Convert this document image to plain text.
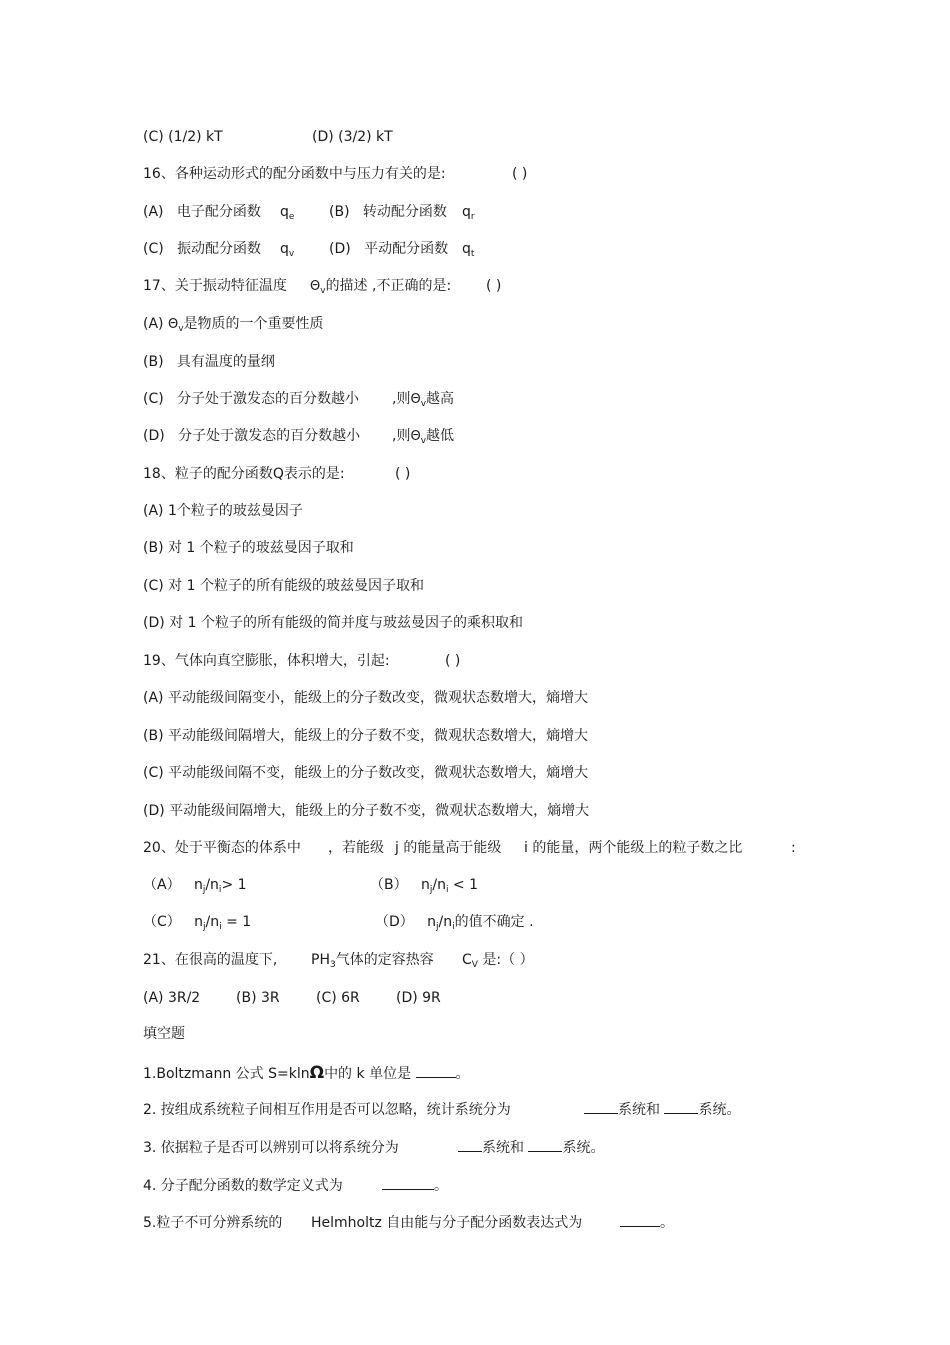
(C) (1/2) kT	(D) (3/2) kT
16、各种运动形式的配分函数中与压力有关的是:	( )
(A) 电子配分函数 $q_e$ (B) 转动配分函数 $q_r$
(C) 振动配分函数 $q_v$ (D) 平动配分函数 $q_t$
17、关于振动特征温度 $\Theta_v$的描述 ,不正确的是: ( )
(A) $\Theta_v$是物质的一个重要性质
(B) 具有温度的量纲
(C) 分子处于激发态的百分数越小 ,则$\Theta_v$越高
(D) 分子处于激发态的百分数越小 ,则$\Theta_v$越低
18、粒子的配分函数Q表示的是:	( )
(A) 1个粒子的玻兹曼因子
(B) 对 1 个粒子的玻兹曼因子取和
(C) 对 1 个粒子的所有能级的玻兹曼因子取和
(D) 对 1 个粒子的所有能级的简并度与玻兹曼因子的乘积取和
19、气体向真空膨胀，体积增大，引起:	( )
(A) 平动能级间隔变小，能级上的分子数改变，微观状态数增大，熵增大
(B) 平动能级间隔增大，能级上的分子数不变，微观状态数增大，熵增大
(C) 平动能级间隔不变，能级上的分子数改变，微观状态数增大，熵增大
(D) 平动能级间隔增大，能级上的分子数不变，微观状态数增大，熵增大
20、处于平衡态的体系中 ，若能级 j 的能量高于能级 i 的能量，两个能级上的粒子数之比	:
（A） $n_j/n_i> 1$	（B） $n_j/n_i < 1$
（C） $n_j/n_i = 1$	（D） $n_j/n_i$的值不确定 .
21、在很高的温度下, $PH_3$气体的定容热容 $C_V$ 是:（ ）
(A) 3R/2	(B) 3R	(C) 6R	(D) 9R
填空题
1.Boltzmann 公式 S=klnΩ中的 k 单位是	。
2. 按组成系统粒子间相互作用是否可以忽略，统计系统分为	系统和	系统。
3. 依据粒子是否可以辨别可以将系统分为	系统和	系统。
4. 分子配分函数的数学定义式为	。
5.粒子不可分辨系统的 Helmholtz 自由能与分子配分函数表达式为	。
